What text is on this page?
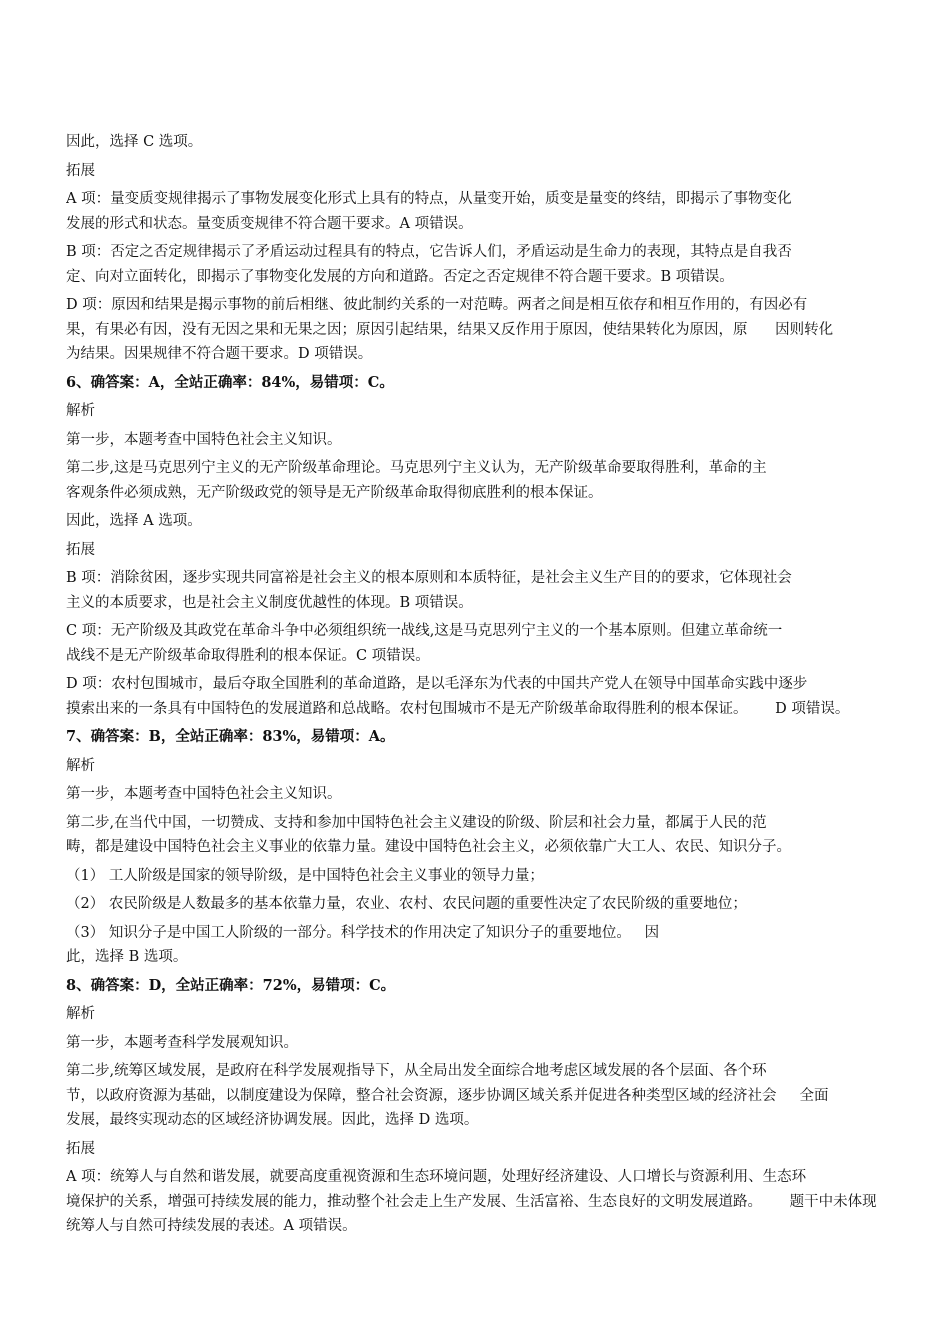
因此，选择 C 选项。
拓展
A 项：量变质变规律揭示了事物发展变化形式上具有的特点，从量变开始，质变是量变的终结，即揭示了事物变化
发展的形式和状态。量变质变规律不符合题干要求。A 项错误。
B 项：否定之否定规律揭示了矛盾运动过程具有的特点，它告诉人们，矛盾运动是生命力的表现，其特点是自我否
定、向对立面转化，即揭示了事物变化发展的方向和道路。否定之否定规律不符合题干要求。B 项错误。
D 项：原因和结果是揭示事物的前后相继、彼此制约关系的一对范畴。两者之间是相互依存和相互作用的，有因必有
果，有果必有因，没有无因之果和无果之因；原因引起结果，结果又反作用于原因，使结果转化为原因，原      因则转化
为结果。因果规律不符合题干要求。D 项错误。
6、确答案：A，全站正确率：84%，易错项：C。
解析
第一步，本题考查中国特色社会主义知识。
第二步,这是马克思列宁主义的无产阶级革命理论。马克思列宁主义认为，无产阶级革命要取得胜利，革命的主
客观条件必须成熟，无产阶级政党的领导是无产阶级革命取得彻底胜利的根本保证。
因此，选择 A 选项。
拓展
B 项：消除贫困，逐步实现共同富裕是社会主义的根本原则和本质特征，是社会主义生产目的的要求，它体现社会
主义的本质要求，也是社会主义制度优越性的体现。B 项错误。
C 项：无产阶级及其政党在革命斗争中必须组织统一战线,这是马克思列宁主义的一个基本原则。但建立革命统一
战线不是无产阶级革命取得胜利的根本保证。C 项错误。
D 项：农村包围城市，最后夺取全国胜利的革命道路，是以毛泽东为代表的中国共产党人在领导中国革命实践中逐步
摸索出来的一条具有中国特色的发展道路和总战略。农村包围城市不是无产阶级革命取得胜利的根本保证。      D 项错误。
7、确答案：B，全站正确率：83%，易错项：A。
解析
第一步，本题考查中国特色社会主义知识。
第二步,在当代中国，一切赞成、支持和参加中国特色社会主义建设的阶级、阶层和社会力量，都属于人民的范
畴，都是建设中国特色社会主义事业的依靠力量。建设中国特色社会主义，必须依靠广大工人、农民、知识分子。
（1） 工人阶级是国家的领导阶级，是中国特色社会主义事业的领导力量；
（2） 农民阶级是人数最多的基本依靠力量，农业、农村、农民问题的重要性决定了农民阶级的重要地位；
（3） 知识分子是中国工人阶级的一部分。科学技术的作用决定了知识分子的重要地位。   因
此，选择 B 选项。
8、确答案：D，全站正确率：72%，易错项：C。
解析
第一步，本题考查科学发展观知识。
第二步,统筹区域发展，是政府在科学发展观指导下，从全局出发全面综合地考虑区域发展的各个层面、各个环
节，以政府资源为基础，以制度建设为保障，整合社会资源，逐步协调区域关系并促进各种类型区域的经济社会     全面
发展，最终实现动态的区域经济协调发展。因此，选择 D 选项。
拓展
A 项：统筹人与自然和谐发展，就要高度重视资源和生态环境问题，处理好经济建设、人口增长与资源利用、生态环
境保护的关系，增强可持续发展的能力，推动整个社会走上生产发展、生活富裕、生态良好的文明发展道路。      题干中未体现
统筹人与自然可持续发展的表述。A 项错误。
